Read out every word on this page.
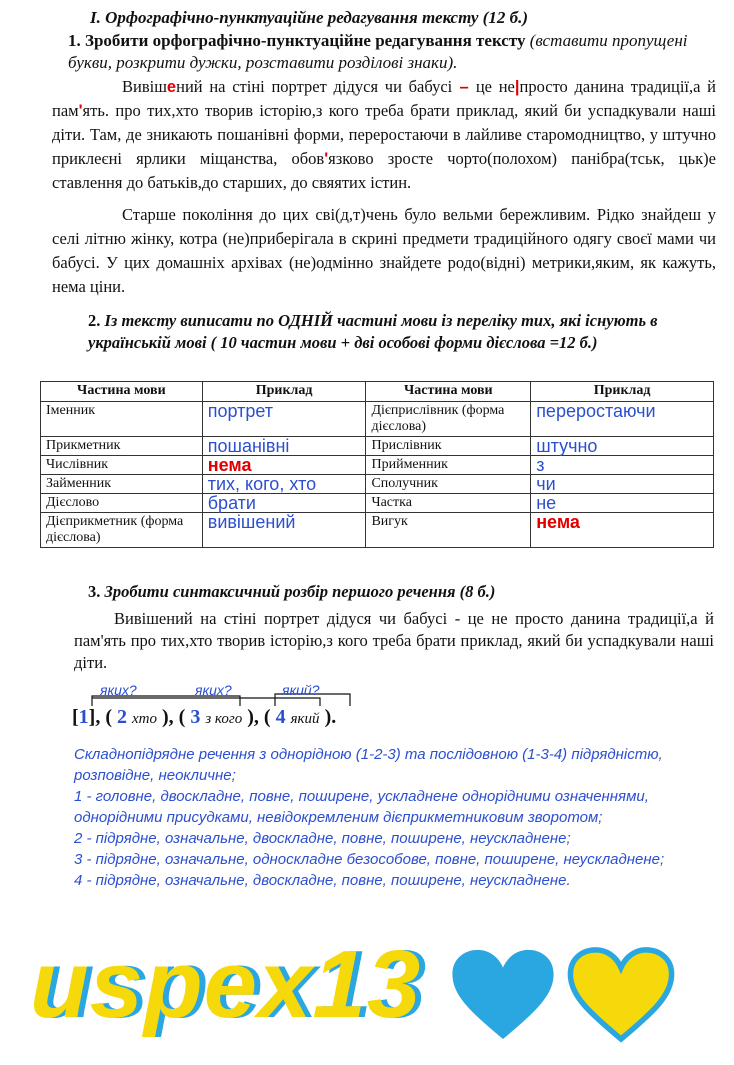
І. Орфографічно-пунктуаційне редагування тексту (12 б.)
1. Зробити орфографічно-пунктуаційне редагування тексту (вставити пропущені букви, розкрити дужки, розставити розділові знаки).
Вивішений на стіні портрет дідуся чи бабусі – це не|просто данина традиції,а й пам'ять. про тих,хто творив історію,з кого треба брати приклад, який би успадкували наші діти. Там, де зникають пошанівні форми, переростаючи в лайливе старомодництво, у штучно приклеєні ярлики міщанства, обов'язково зросте чорто(полохом) панібра(тськ, цьк)е ставлення до батьків,до старших, до свяятих істин.
Старше покоління до цих сві(д,т)чень було вельми бережливим. Рідко знайдеш у селі літню жінку, котра (не)приберігала в скрині предмети традиційного одягу своєї мами чи бабусі. У цих домашніх архівах (не)одмінно знайдете родо(відні) метрики,яким, як кажуть, нема ціни.
2. Із тексту виписати по ОДНІЙ частині мови із переліку тих, які існують в українській мові ( 10 частин мови + дві особові форми дієслова =12 б.)
Частина мови	Приклад	Частина мови	Приклад
Іменник	портрет	Дієприслівник (форма дієслова)	переростаючи
Прикметник	пошанівні	Прислівник	штучно
Числівник	нема	Прийменник	з
Займенник	тих, кого, хто	Сполучник	чи
Дієслово	брати	Частка	не
Дієприкметник (форма дієслова)	вивішений	Вигук	нема
3. Зробити синтаксичний розбір першого речення (8 б.)
Вивішений на стіні портрет дідуся чи бабусі - це не просто данина традиції,а й пам'ять про тих,хто творив історію,з кого треба брати приклад, який би успадкували наші діти.
яких?	яких?	який?
[1], ( 2 хто ), ( 3 з кого ), ( 4 який ).

Складнопідрядне речення з однорідною (1-2-3) та послідовною (1-3-4) підрядністю, розповідне, неокличне;

1 - головне, двоскладне, повне, поширене, ускладнене однорідними означеннями, однорідними присудками, невідокремленим дієприкметниковим зворотом;

2 - підрядне, означальне, двоскладне, повне, поширене, неускладнене;

3 - підрядне, означальне, односкладне безособове, повне, поширене, неускладнене;

4 - підрядне, означальне, двоскладне, повне, поширене, неускладнене.

uspex13
